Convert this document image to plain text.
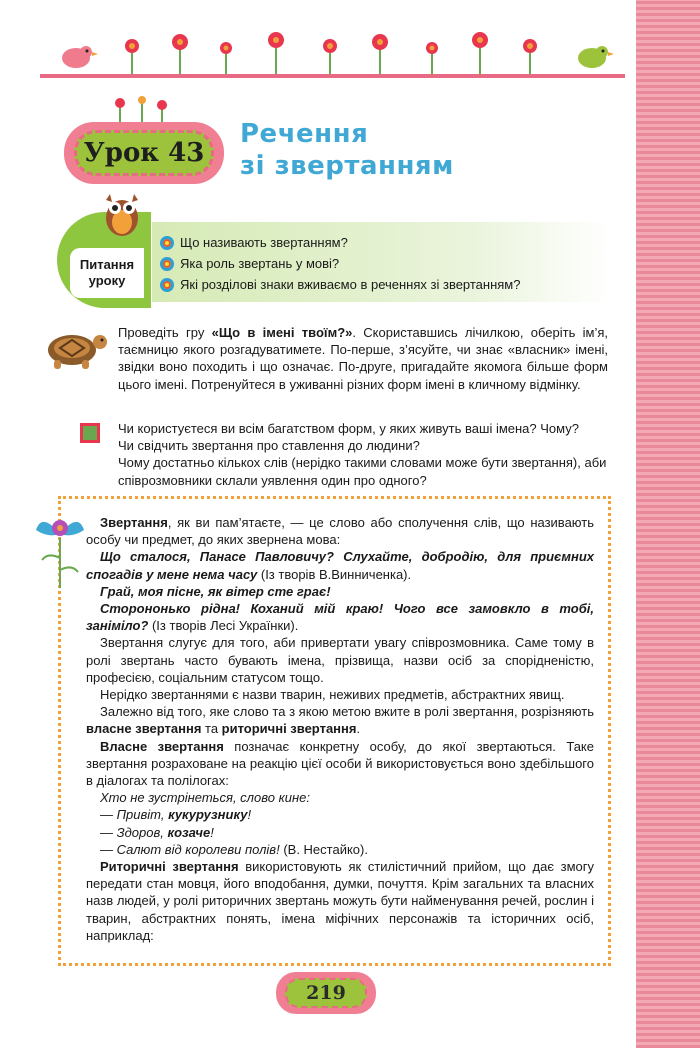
Урок 43
Речення
зі звертанням
Питання
уроку
Що називають звертанням?
Яка роль звертань у мові?
Які розділові знаки вживаємо в реченнях зі звертанням?
Проведіть гру «Що в імені твоїм?». Скориставшись лічилкою, оберіть ім’я, таємницю якого розгадуватимете. По-перше, з’ясуйте, чи знає «власник» імені, звідки воно походить і що означає. По-друге, пригадайте якомога більше форм цього імені. Потренуйтеся в уживанні різних форм імені в кличному відмінку.
Чи користуєтеся ви всім багатством форм, у яких живуть ваші імена? Чому?
Чи свідчить звертання про ставлення до людини?
Чому достатньо кількох слів (нерідко такими словами може бути звертання), аби співрозмовники склали уявлення один про одного?

Звертання, як ви пам’ятаєте, — це слово або сполучення слів, що називають особу чи предмет, до яких звернена мова:

Що сталося, Панасе Павловичу? Слухайте, добродію, для приємних спогадів у мене нема часу (Із творів В.Винниченка).

Грай, моя пісне, як вітер сте грає!

Сторононько рідна! Коханий мій краю! Чого все замовкло в тобі, заніміло? (Із творів Лесі Українки).

Звертання слугує для того, аби привертати увагу співрозмовника. Саме тому в ролі звертань часто бувають імена, прізвища, назви осіб за спорідненістю, професією, соціальним статусом тощо.

Нерідко звертаннями є назви тварин, неживих предметів, абстрактних явищ.

Залежно від того, яке слово та з якою метою вжите в ролі звертання, розрізняють власне звертання та риторичні звертання.

Власне звертання позначає конкретну особу, до якої звертаються. Таке звертання розраховане на реакцію цієї особи й використовується воно здебільшого в діалогах та полілогах:

Хто не зустрінеться, слово кине:

— Привіт, кукурузнику!

— Здоров, козаче!

— Салют від королеви полів! (В. Нестайко).

Риторичні звертання використовують як стилістичний прийом, що дає змогу передати стан мовця, його вподобання, думки, почуття. Крім загальних та власних назв людей, у ролі риторичних звертань можуть бути найменування речей, рослин і тварин, абстрактних понять, імена міфічних персонажів та історичних осіб, наприклад:

219
